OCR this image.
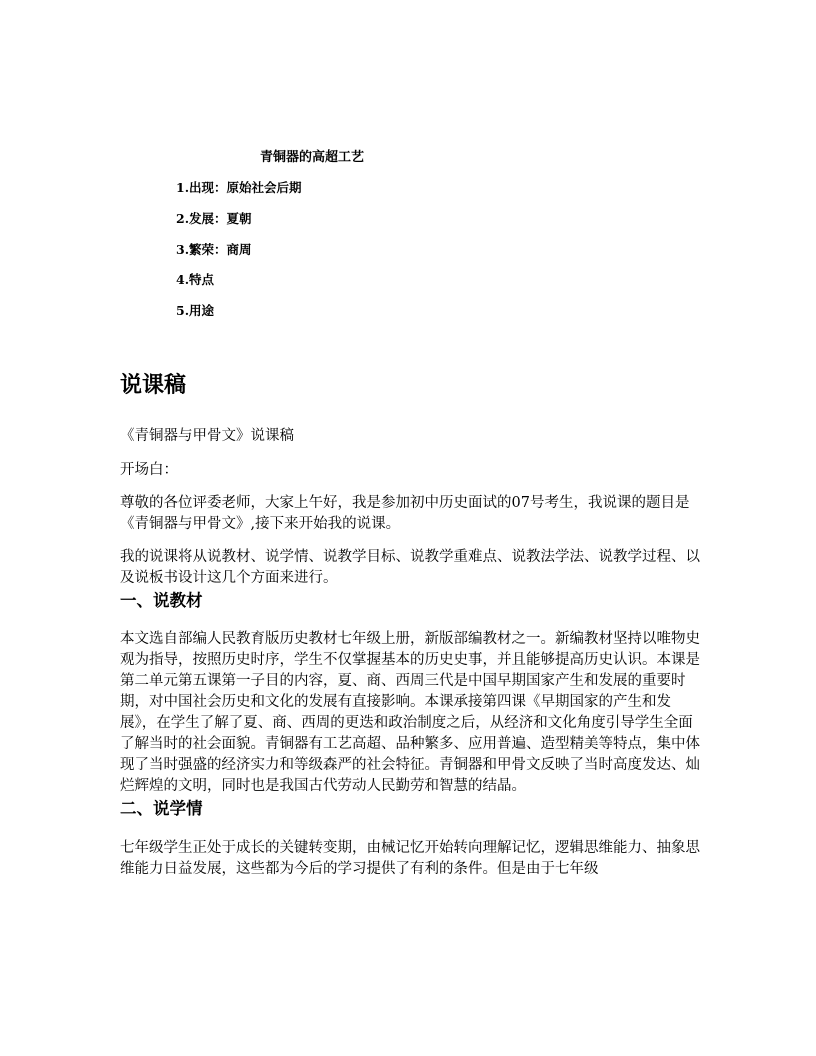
青铜器的高超工艺
1.出现：原始社会后期
2.发展：夏朝
3.繁荣：商周
4.特点
5.用途
说课稿

《青铜器与甲骨文》说课稿

开场白：

尊敬的各位评委老师，大家上午好，我是参加初中历史面试的07号考生，我说课的题目是《青铜器与甲骨文》,接下来开始我的说课。

我的说课将从说教材、说学情、说教学目标、说教学重难点、说教法学法、说教学过程、以及说板书设计这几个方面来进行。

一、说教材

本文选自部编人民教育版历史教材七年级上册，新版部编教材之一。新编教材坚持以唯物史观为指导，按照历史时序，学生不仅掌握基本的历史史事，并且能够提高历史认识。本课是第二单元第五课第一子目的内容，夏、商、西周三代是中国早期国家产生和发展的重要时期，对中国社会历史和文化的发展有直接影响。本课承接第四课《早期国家的产生和发展》，在学生了解了夏、商、西周的更迭和政治制度之后，从经济和文化角度引导学生全面了解当时的社会面貌。青铜器有工艺高超、品种繁多、应用普遍、造型精美等特点，集中体现了当时强盛的经济实力和等级森严的社会特征。青铜器和甲骨文反映了当时高度发达、灿烂辉煌的文明，同时也是我国古代劳动人民勤劳和智慧的结晶。

二、说学情

七年级学生正处于成长的关键转变期，由械记忆开始转向理解记忆，逻辑思维能力、抽象思维能力日益发展，这些都为今后的学习提供了有利的条件。但是由于七年级
